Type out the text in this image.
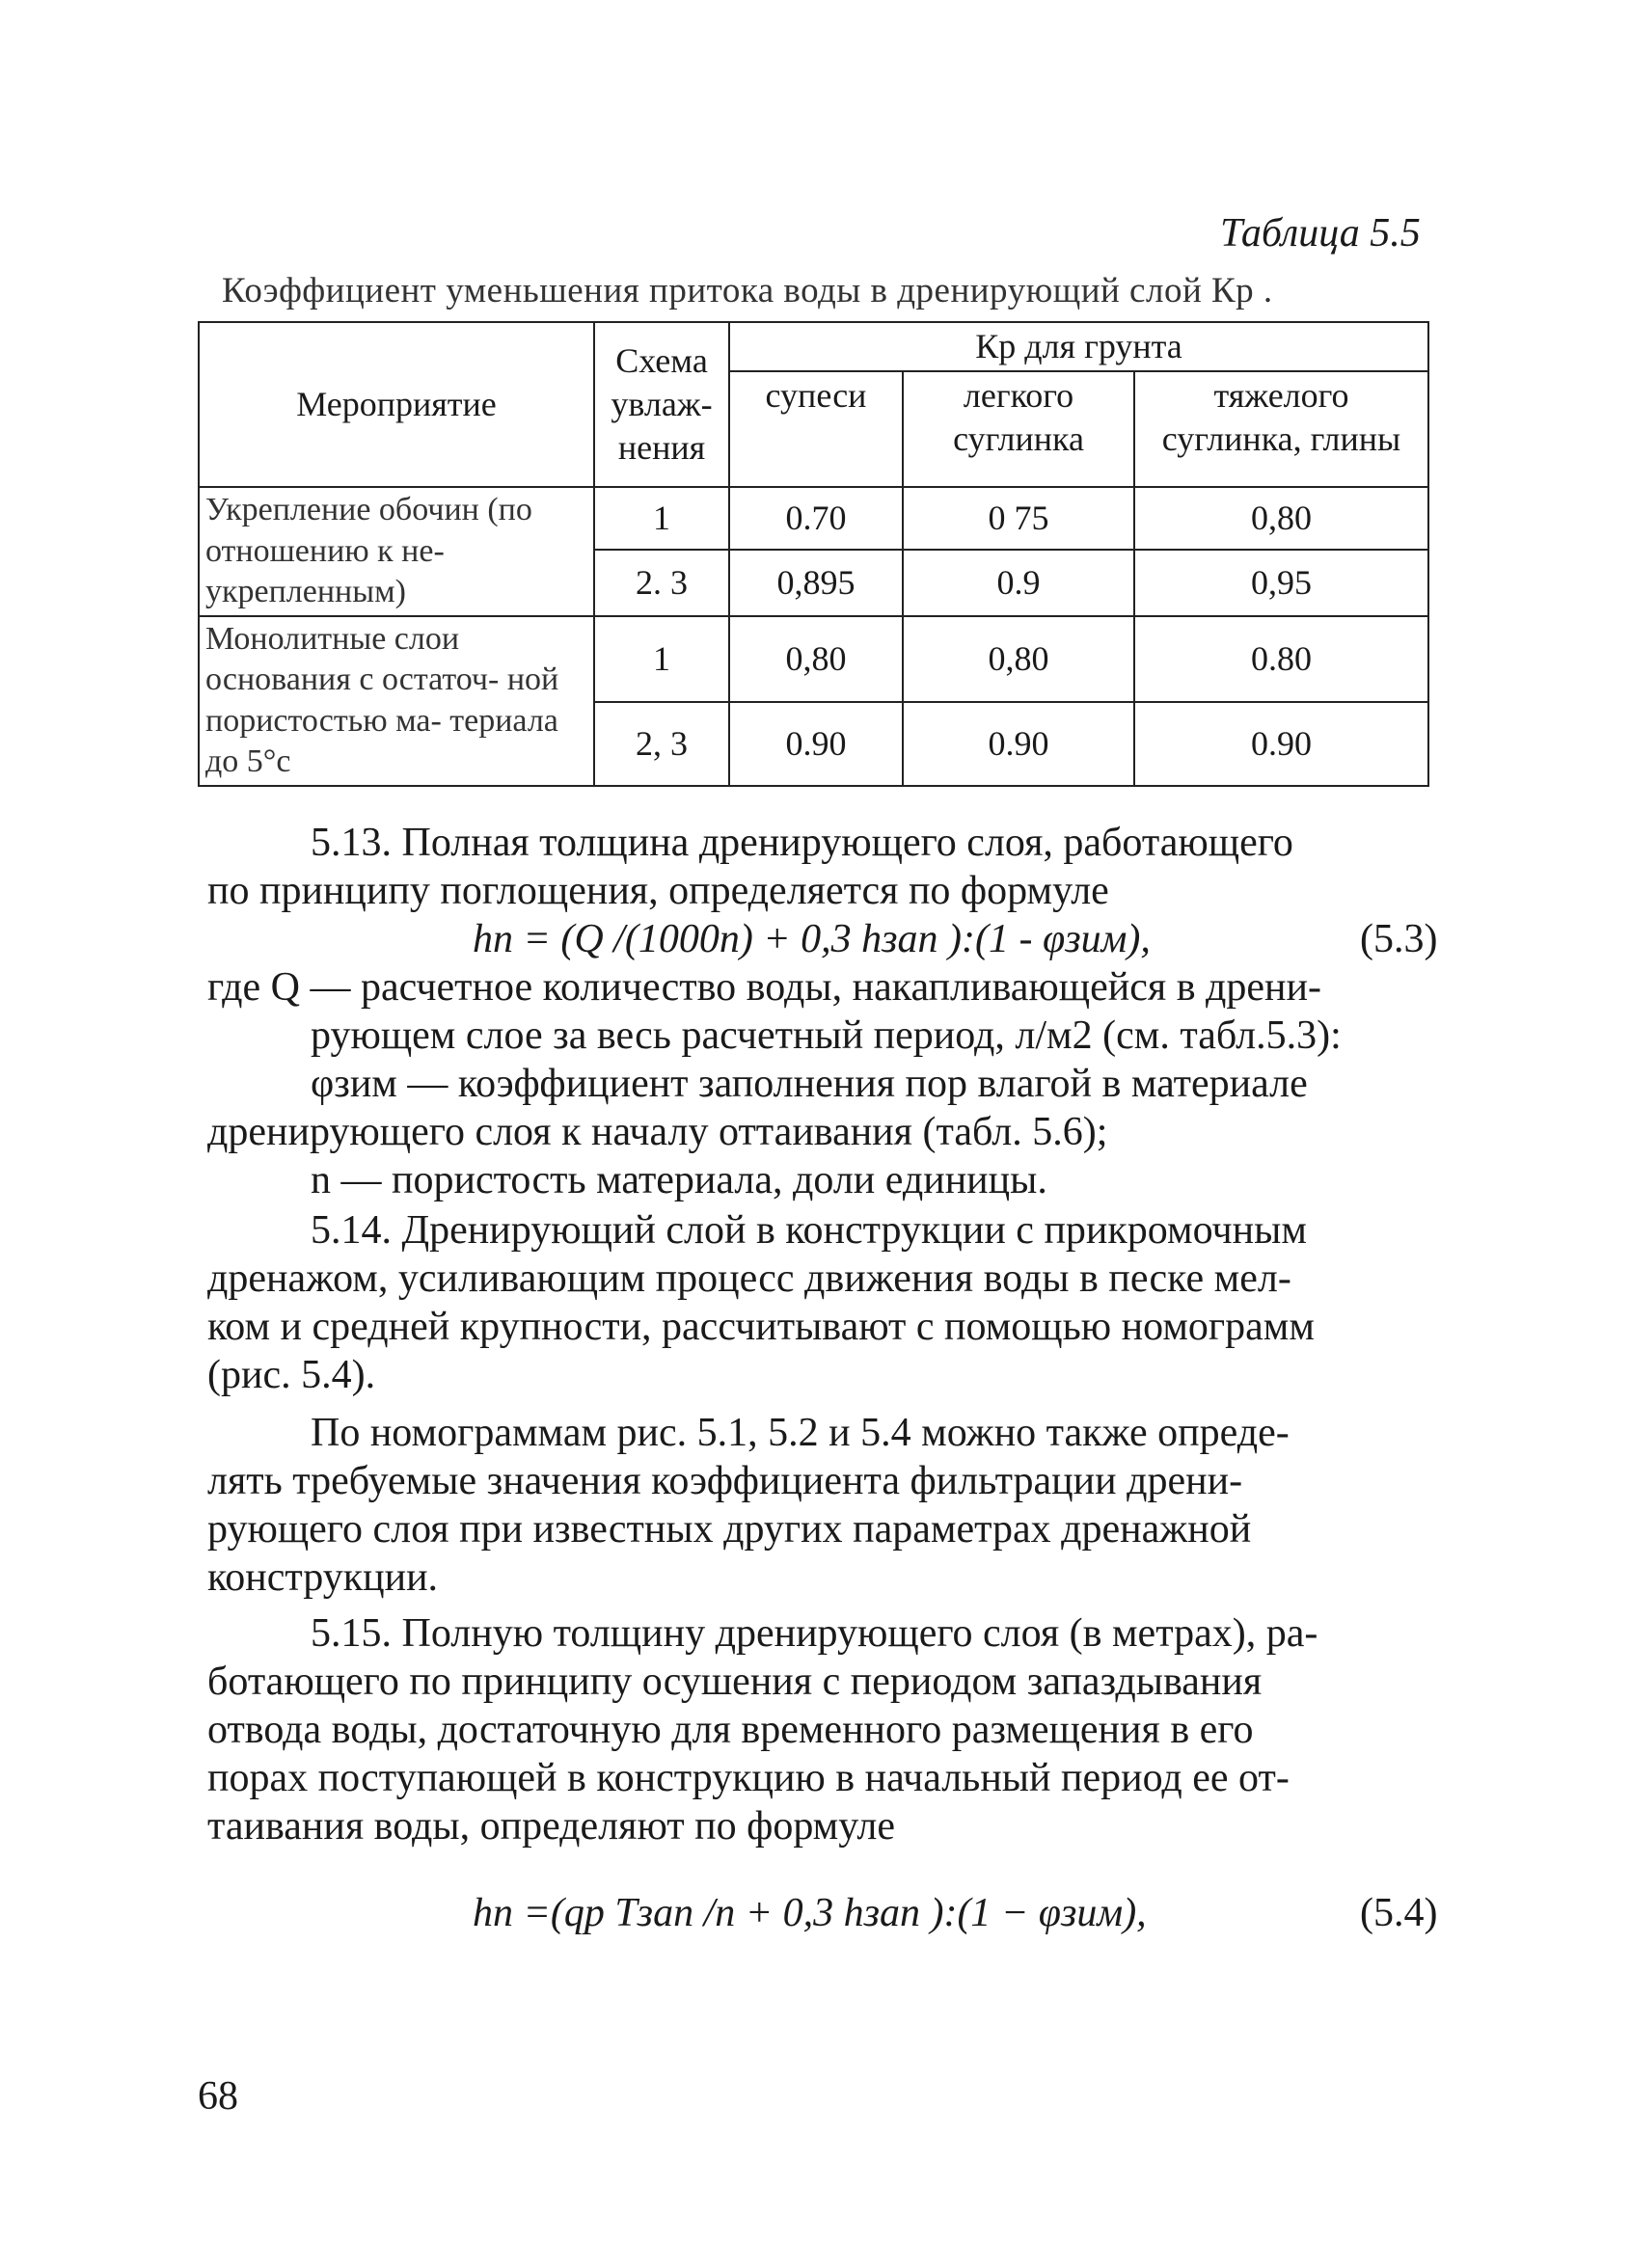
Таблица 5.5
Коэффициент уменьшения притока воды в дренирующий слой Кр .
Мероприятие	Схема увлаж- нения	Кр для грунта		
		супеси	легкого суглинка	тяжелого суглинка, глины
Укрепление обочин (по отношению к не- укрепленным)	1	0.70	0 75	0,80
	2. 3	0,895	0.9	0,95
Монолитные слои основания с остаточ- ной пористостью ма- териала до 5°с	1	0,80	0,80	0.80
	2, 3	0.90	0.90	0.90
5.13. Полная толщина дренирующего слоя, работающего
по принципу поглощения, определяется по формуле
hп = (Q /(1000n) + 0,3 hзап ):(1 - φзим),	(5.3)
где Q — расчетное количество воды, накапливающейся в дрени-
рующем слое за весь расчетный период, л/м2 (см. табл.5.3):
φзим — коэффициент заполнения пор влагой в материале
дренирующего слоя к началу оттаивания (табл. 5.6);
n — пористость материала, доли единицы.
5.14. Дренирующий слой в конструкции с прикромочным
дренажом, усиливающим процесс движения воды в песке мел-
ком и средней крупности, рассчитывают с помощью номограмм
(рис. 5.4).
По номограммам рис. 5.1, 5.2 и 5.4 можно также опреде-
лять требуемые значения коэффициента фильтрации дрени-
рующего слоя при известных других параметрах дренажной
конструкции.
5.15. Полную толщину дренирующего слоя (в метрах), ра-
ботающего по принципу осушения с периодом запаздывания
отвода воды, достаточную для временного размещения в его
порах поступающей в конструкцию в начальный период ее от-
таивания воды, определяют по формуле
hп =(qp Tзап /n + 0,3 hзап ):(1 − φзим),	(5.4)
68
